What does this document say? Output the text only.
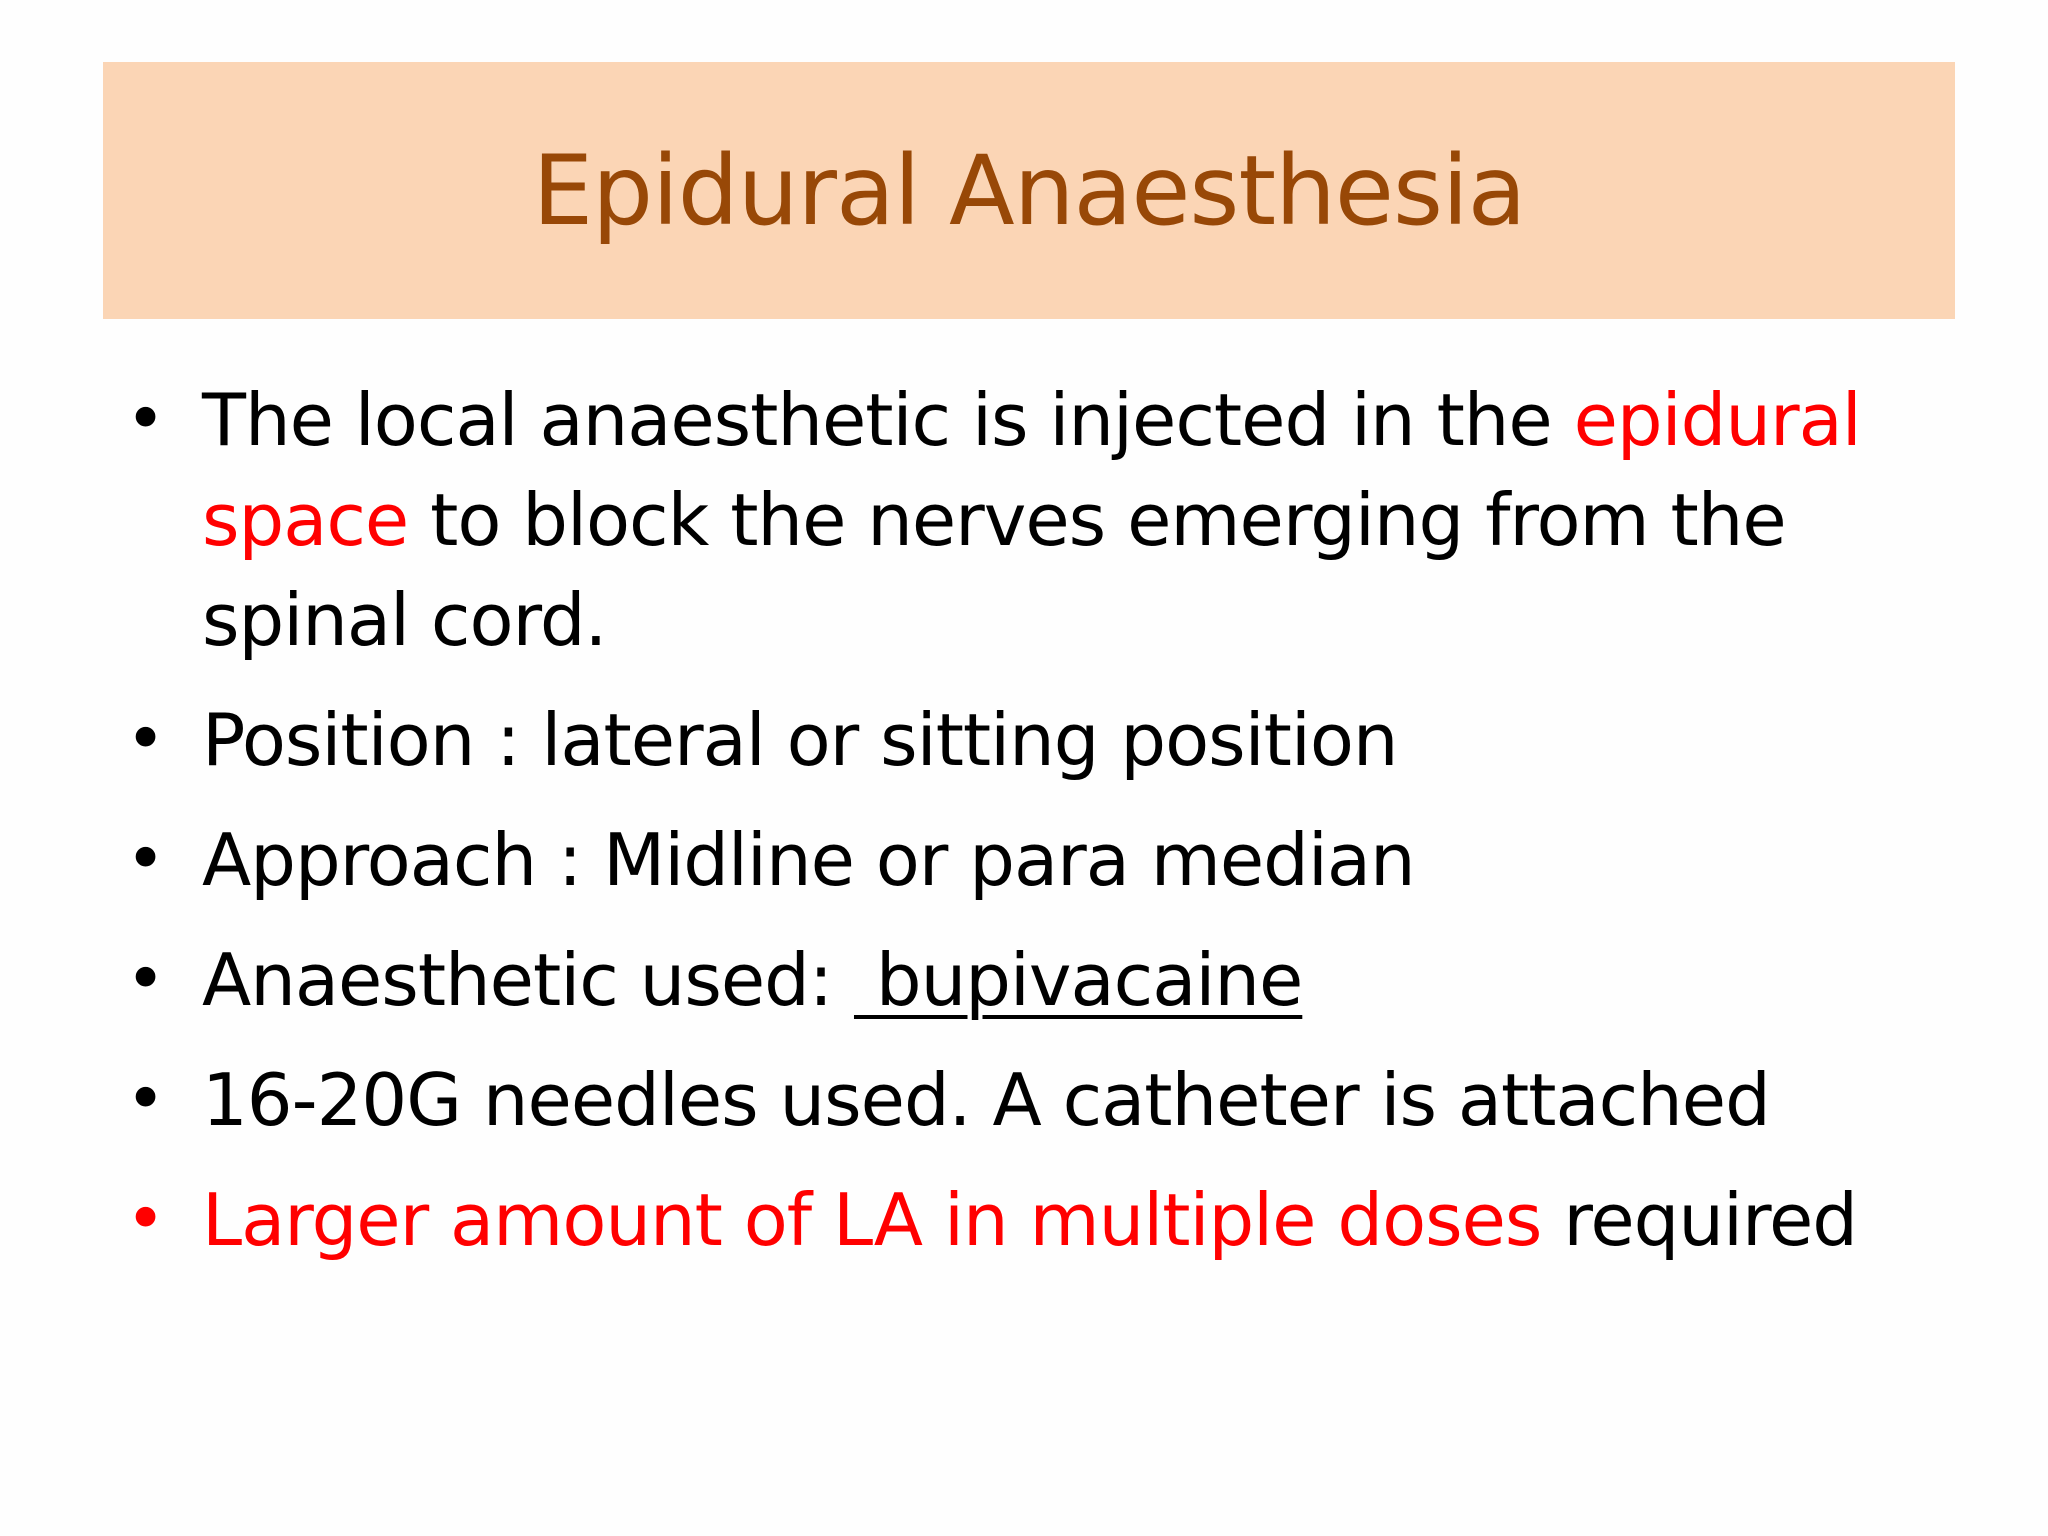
Epidural Anaesthesia
• The local anaesthetic is injected in the epidural space to block the nerves emerging from the spinal cord.
• Position : lateral or sitting position
• Approach : Midline or para median
• Anaesthetic used:  bupivacaine
• 16-20G needles used. A catheter is attached
• Larger amount of LA in multiple doses required
